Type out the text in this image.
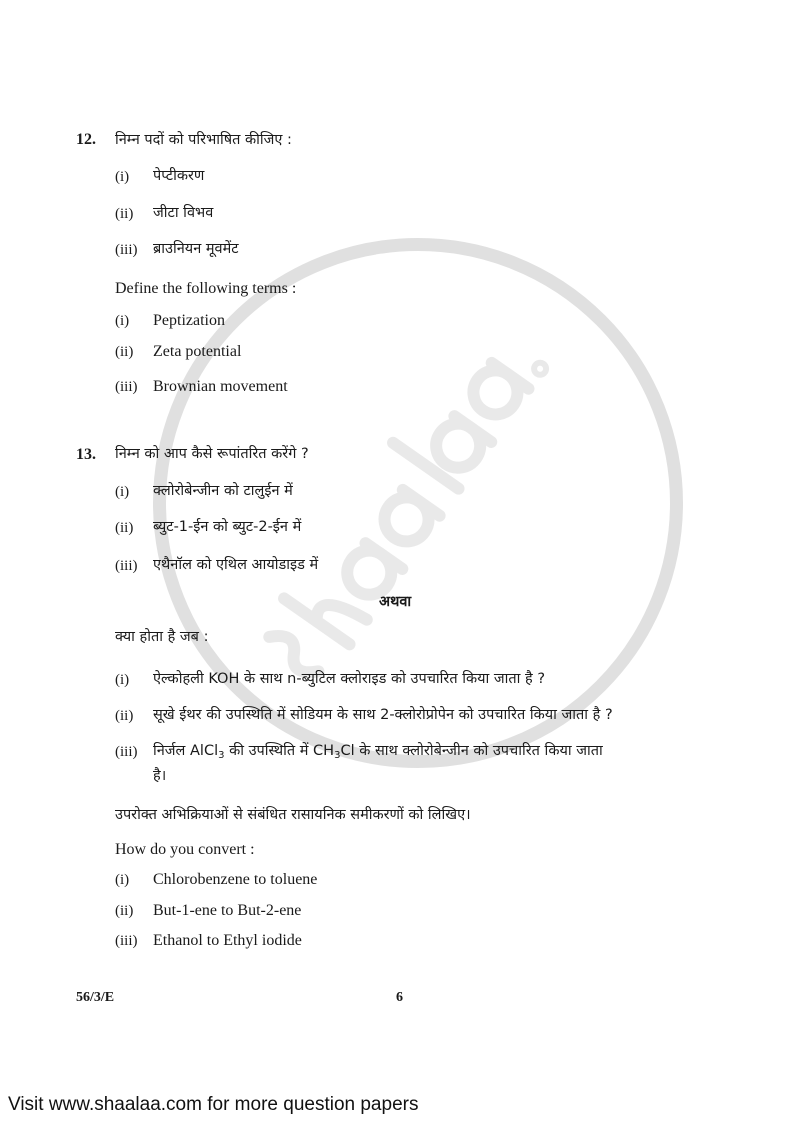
12. निम्न पदों को परिभाषित कीजिए :
(i) पेप्टीकरण
(ii) जीटा विभव
(iii) ब्राउनियन मूवमेंट
Define the following terms :
(i) Peptization
(ii) Zeta potential
(iii) Brownian movement
13. निम्न को आप कैसे रूपांतरित करेंगे ?
(i) क्लोरोबेन्जीन को टालुईन में
(ii) ब्युट-1-ईन को ब्युट-2-ईन में
(iii) एथैनॉल को एथिल आयोडाइड में
अथवा
क्या होता है जब :
(i) ऐल्कोहली KOH के साथ n-ब्युटिल क्लोराइड को उपचारित किया जाता है ?
(ii) सूखे ईथर की उपस्थिति में सोडियम के साथ 2-क्लोरोप्रोपेन को उपचारित किया जाता है ?
(iii) निर्जल AlCl$_3$ की उपस्थिति में $CH_3Cl$ के साथ क्लोरोबेन्जीन को उपचारित किया जाता
है।
उपरोक्त अभिक्रियाओं से संबंधित रासायनिक समीकरणों को लिखिए।
How do you convert :
(i) Chlorobenzene to toluene
(ii) But-1-ene to But-2-ene
(iii) Ethanol to Ethyl iodide
56/3/E	6
Visit www.shaalaa.com for more question papers
